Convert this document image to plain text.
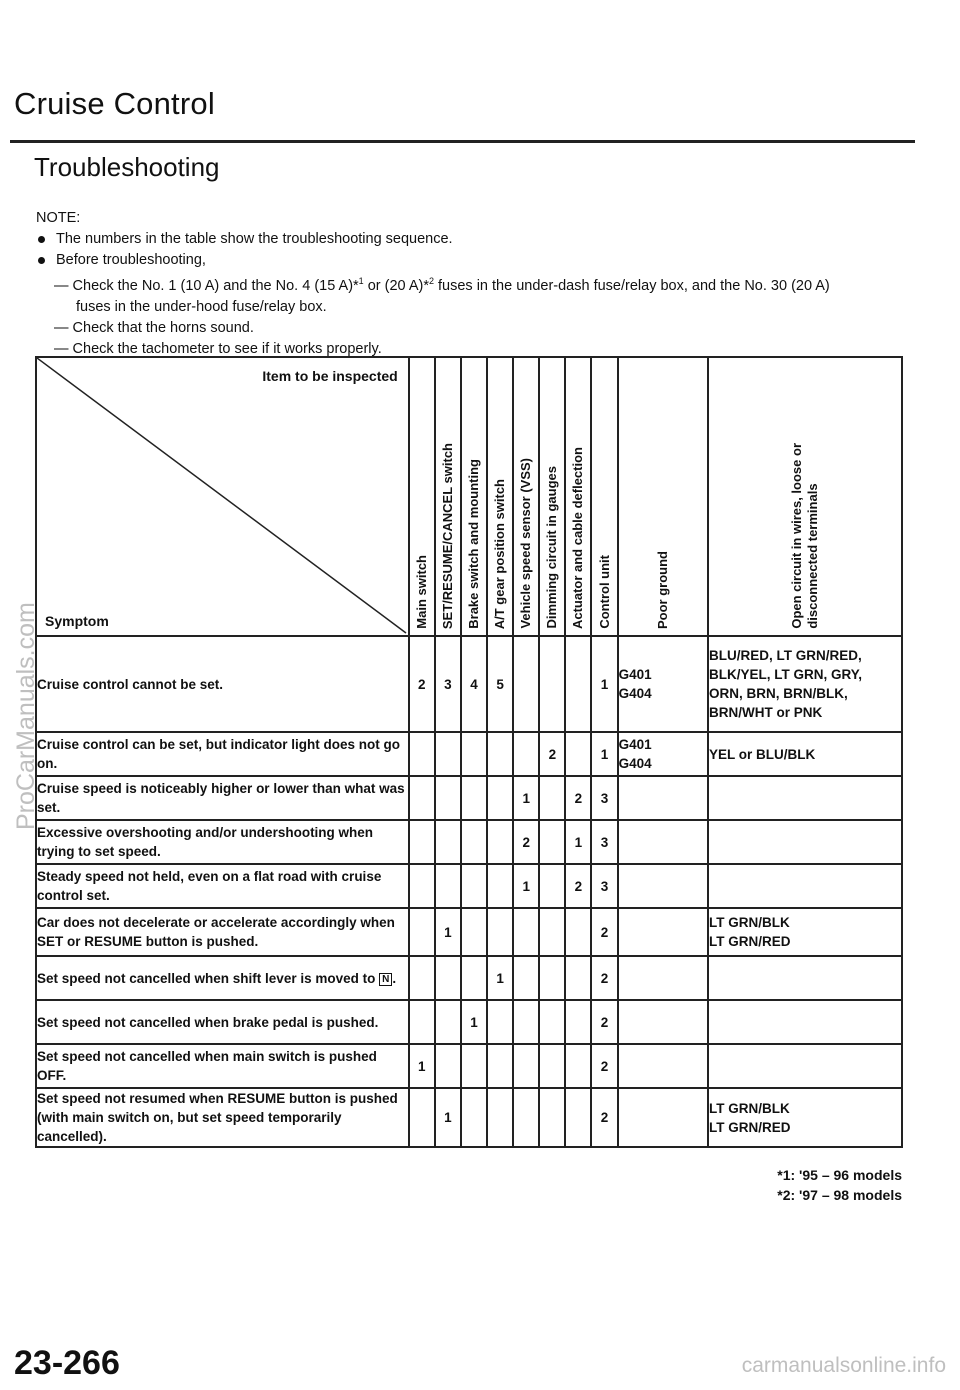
Cruise Control
Troubleshooting
NOTE:
The numbers in the table show the troubleshooting sequence.
Before troubleshooting,
— Check the No. 1 (10 A) and the No. 4 (15 A)*$^1$ or (20 A)*$^2$ fuses in the under-dash fuse/relay box, and the No. 30 (20 A)
fuses in the under-hood fuse/relay box.
— Check that the horns sound.
— Check the tachometer to see if it works properly.
Item to be inspected
Symptom	Main switch	SET/RESUME/CANCEL switch	Brake switch and mounting	A/T gear position switch	Vehicle speed sensor (VSS)	Dimming circuit in gauges	Actuator and cable deflection	Control unit	Poor ground	Open circuit in wires, loose or
disconnected terminals

Cruise control cannot be set.	2	3	4	5				1	G401
G404	BLU/RED, LT GRN/RED,
BLK/YEL, LT GRN, GRY,
ORN, BRN, BRN/BLK,
BRN/WHT or PNK
Cruise control can be set, but indicator light does not go on.						2		1	G401
G404	YEL or BLU/BLK
Cruise speed is noticeably higher or lower than what was set.					1		2	3		
Excessive overshooting and/or undershooting when trying to set speed.					2		1	3		
Steady speed not held, even on a flat road with cruise control set.					1		2	3		
Car does not decelerate or accelerate accordingly when SET or RESUME button is pushed.		1						2		LT GRN/BLK
LT GRN/RED
Set speed not cancelled when shift lever is moved to N .				1				2		
Set speed not cancelled when brake pedal is pushed.			1					2		
Set speed not cancelled when main switch is pushed OFF.	1							2		
Set speed not resumed when RESUME button is pushed (with main switch on, but set speed temporarily cancelled).		1						2		LT GRN/BLK
LT GRN/RED
*1: '95 – 96 models
*2: '97 – 98 models
23-266
ProCarManuals.com
carmanualsonline.info
